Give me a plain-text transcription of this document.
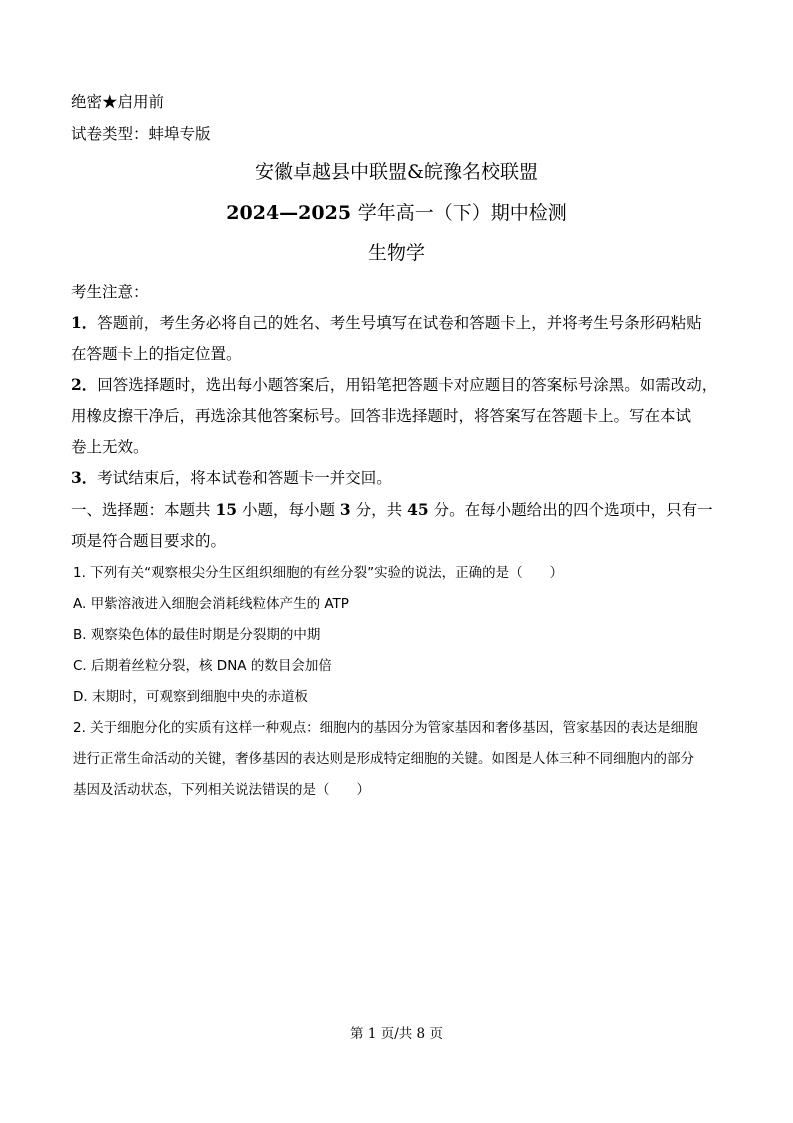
绝密★启用前
试卷类型：蚌埠专版
安徽卓越县中联盟&皖豫名校联盟
2024—2025 学年高一（下）期中检测
生物学
考生注意：
1．答题前，考生务必将自己的姓名、考生号填写在试卷和答题卡上，并将考生号条形码粘贴
在答题卡上的指定位置。
2．回答选择题时，选出每小题答案后，用铅笔把答题卡对应题目的答案标号涂黑。如需改动，
用橡皮擦干净后，再选涂其他答案标号。回答非选择题时，将答案写在答题卡上。写在本试
卷上无效。
3．考试结束后，将本试卷和答题卡一并交回。
一、选择题：本题共 15 小题，每小题 3 分，共 45 分。在每小题给出的四个选项中，只有一
项是符合题目要求的。
1. 下列有关“观察根尖分生区组织细胞的有丝分裂”实验的说法，正确的是（　　）
A. 甲紫溶液进入细胞会消耗线粒体产生的 ATP
B. 观察染色体的最佳时期是分裂期的中期
C. 后期着丝粒分裂，核 DNA 的数目会加倍
D. 末期时，可观察到细胞中央的赤道板
2. 关于细胞分化的实质有这样一种观点：细胞内的基因分为管家基因和奢侈基因，管家基因的表达是细胞
进行正常生命活动的关键，奢侈基因的表达则是形成特定细胞的关键。如图是人体三种不同细胞内的部分
基因及活动状态，下列相关说法错误的是（　　）
第 1 页/共 8 页
